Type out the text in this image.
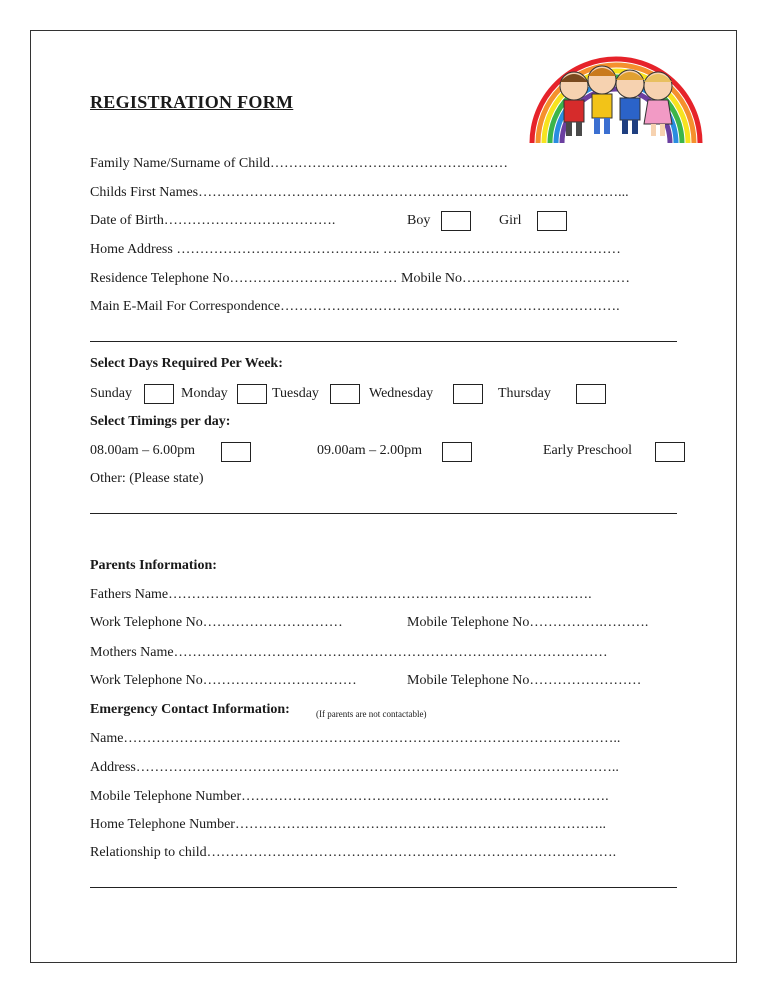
REGISTRATION FORM
Family Name/Surname of Child……………………………………………
Childs First Names………………………………………………………………………………...
Date of Birth……………………………….	Boy	Girl
Home Address …………………………………….. ……………………………………………
Residence Telephone No……………………………… Mobile No………………………………
Main E-Mail For Correspondence……………………………………………………………….
Select Days Required Per Week:
Sunday	Monday	Tuesday	Wednesday	Thursday
Select Timings per day:
08.00am – 6.00pm	09.00am – 2.00pm	Early Preschool
Other: (Please state)
Parents Information:
Fathers Name……………………………………………………………………………….
Work Telephone No…………………………	Mobile Telephone No…………….……….
Mothers Name…………………………………………………………………………………
Work Telephone No……………………………	Mobile Telephone No……………………
Emergency Contact Information:	(If parents are not contactable)
Name……………………………………………………………………………………………..
Address…………………………………………………………………………………………..
Mobile Telephone Number…………………………………………………………………….
Home Telephone Number……………………………………………………………………..
Relationship to child…………………………………………………………………………….
